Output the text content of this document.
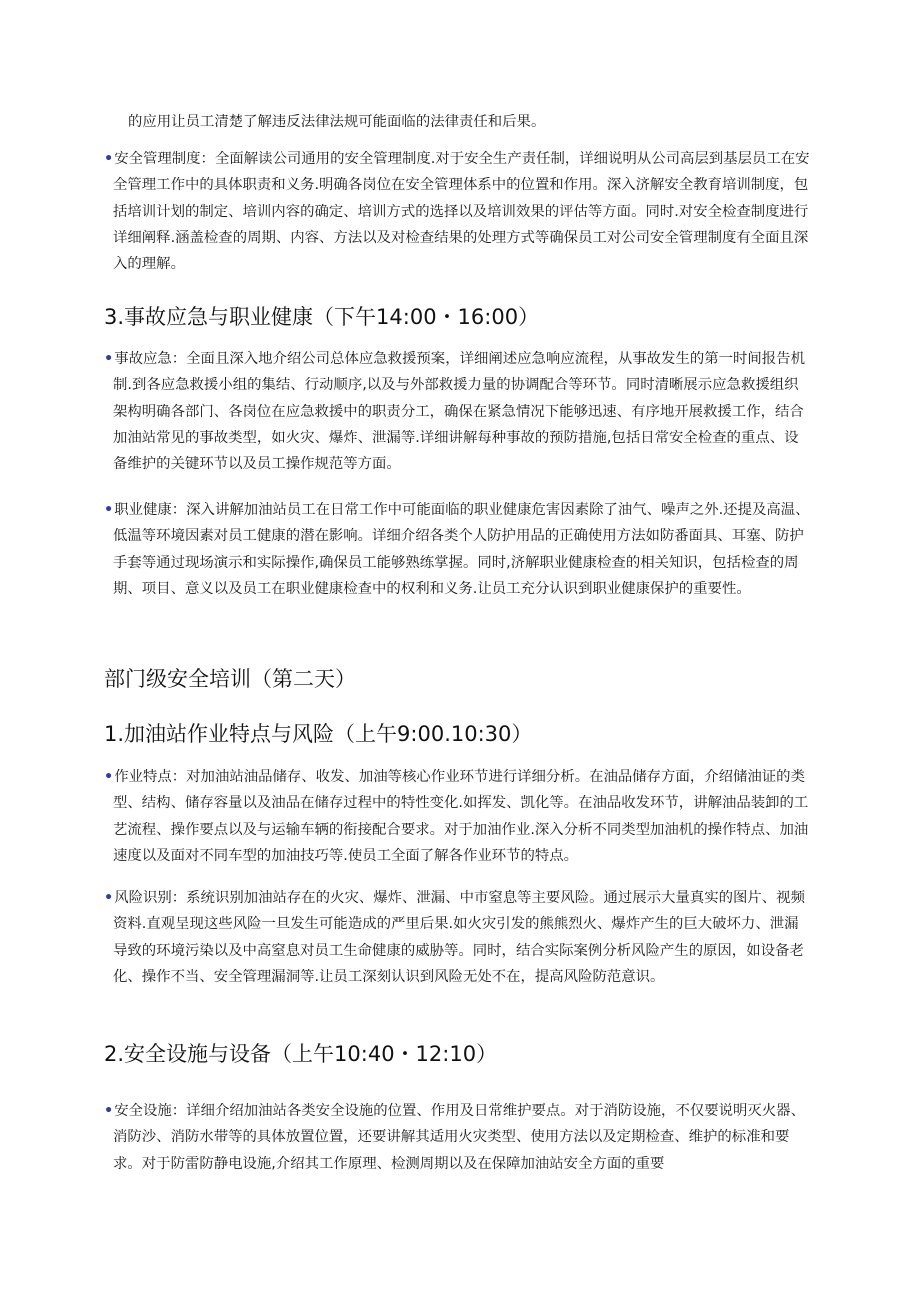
的应用让员工清楚了解违反法律法规可能面临的法律责任和后果。

•安全管理制度：全面解读公司通用的安全管理制度.对于安全生产责任制，详细说明从公司高层到基层员工在安全管理工作中的具体职责和义务.明确各岗位在安全管理体系中的位置和作用。深入济解安全教育培训制度，包括培训计划的制定、培训内容的确定、培训方式的选择以及培训效果的评估等方面。同时.对安全检查制度进行详细阐释.涵盖检查的周期、内容、方法以及对检查结果的处理方式等确保员工对公司安全管理制度有全面且深入的理解。

3.事故应急与职业健康（下午14:00・16:00）

•事故应急：全面且深入地介绍公司总体应急救援预案，详细阐述应急响应流程，从事故发生的第一时间报告机制.到各应急救援小组的集结、行动顺序,以及与外部救援力量的协调配合等环节。同时清晰展示应急救援组织架构明确各部门、各岗位在应急救援中的职责分工，确保在紧急情况下能够迅速、有序地开展救援工作，结合加油站常见的事故类型，如火灾、爆炸、泄漏等.详细讲解每种事故的预防措施,包括日常安全检查的重点、设备维护的关键环节以及员工操作规范等方面。

•职业健康：深入讲解加油站员工在日常工作中可能面临的职业健康危害因素除了油气、噪声之外.还提及高温、低温等环境因素对员工健康的潜在影响。详细介绍各类个人防护用品的正确使用方法如防番面具、耳塞、防护手套等通过现场演示和实际操作,确保员工能够熟练掌握。同时,济解职业健康检查的相关知识，包括检查的周期、项目、意义以及员工在职业健康检查中的权利和义务.让员工充分认识到职业健康保护的重要性。

部门级安全培训（第二天）
1.加油站作业特点与风险（上午9:00.10:30）

•作业特点：对加油站油品储存、收发、加油等核心作业环节进行详细分析。在油品储存方面，介绍储油证的类型、结构、储存容量以及油品在储存过程中的特性变化.如挥发、凯化等。在油品收发环节，讲解油品装卸的工艺流程、操作要点以及与运输车辆的衔接配合要求。对于加油作业.深入分析不同类型加油机的操作特点、加油速度以及面对不同车型的加油技巧等.使员工全面了解各作业环节的特点。

•风险识别：系统识别加油站存在的火灾、爆炸、泄漏、中市窒息等主要风险。通过展示大量真实的图片、视频资料.直观呈现这些风险一旦发生可能造成的严里后果.如火灾引发的熊熊烈火、爆炸产生的巨大破坏力、泄漏导致的环境污染以及中高窒息对员工生命健康的威胁等。同时，结合实际案例分析风险产生的原因，如设备老化、操作不当、安全管理漏洞等.让员工深刻认识到风险无处不在，提高风险防范意识。

2.安全设施与设备（上午10:40・12:10）

•安全设施：详细介绍加油站各类安全设施的位置、作用及日常维护要点。对于消防设施，不仅要说明灭火器、消防沙、消防水带等的具体放置位置，还要讲解其适用火灾类型、使用方法以及定期检查、维护的标准和要求。对于防雷防静电设施,介绍其工作原理、检测周期以及在保障加油站安全方面的重要
